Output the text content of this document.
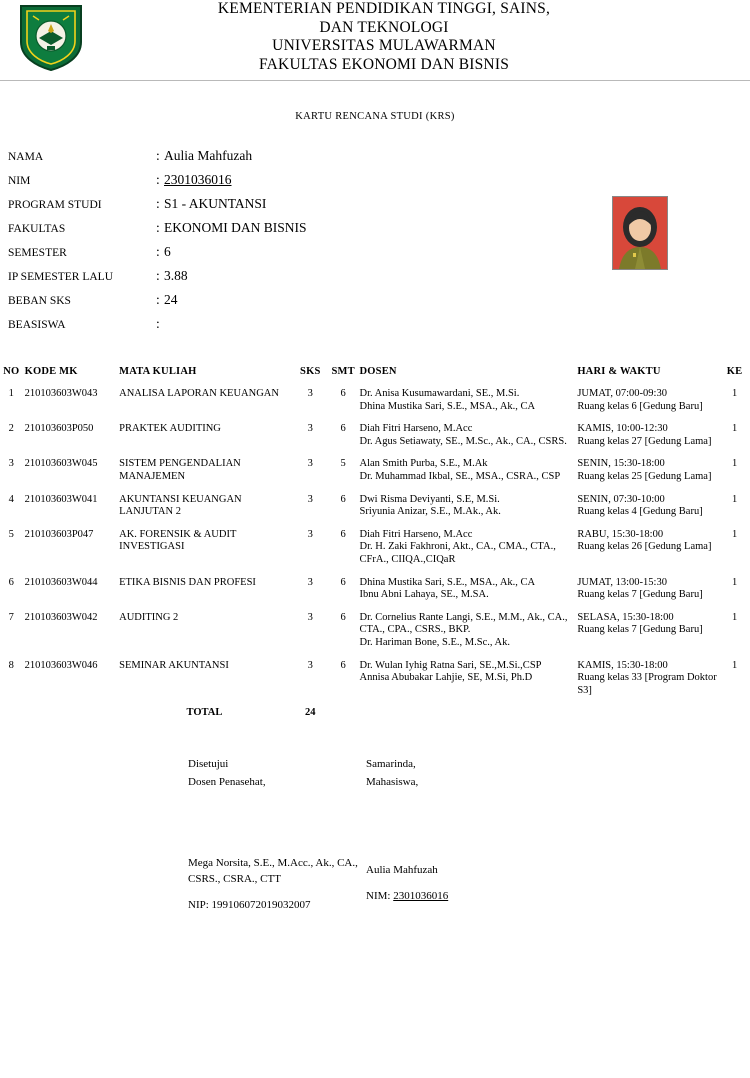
KEMENTERIAN PENDIDIKAN TINGGI, SAINS,
DAN TEKNOLOGI
UNIVERSITAS MULAWARMAN
FAKULTAS EKONOMI DAN BISNIS
KARTU RENCANA STUDI (KRS)
NAMA	: Aulia Mahfuzah
NIM	: 2301036016
PROGRAM STUDI	: S1 - AKUNTANSI
FAKULTAS	: EKONOMI DAN BISNIS
SEMESTER	: 6
IP SEMESTER LALU	: 3.88
BEBAN SKS	: 24
BEASISWA	:
NO	KODE MK	MATA KULIAH	SKS	SMT	DOSEN	HARI & WAKTU	KE
1	210103603W043	ANALISA LAPORAN KEUANGAN	3	6	Dr. Anisa Kusumawardani, SE., M.Si.
Dhina Mustika Sari, S.E., MSA., Ak., CA	JUMAT, 07:00-09:30
Ruang kelas 6 [Gedung Baru]	1
2	210103603P050	PRAKTEK AUDITING	3	6	Diah Fitri Harseno, M.Acc
Dr. Agus Setiawaty, SE., M.Sc., Ak., CA., CSRS.	KAMIS, 10:00-12:30
Ruang kelas 27 [Gedung Lama]	1
3	210103603W045	SISTEM PENGENDALIAN MANAJEMEN	3	5	Alan Smith Purba, S.E., M.Ak
Dr. Muhammad Ikbal, SE., MSA., CSRA., CSP	SENIN, 15:30-18:00
Ruang kelas 25 [Gedung Lama]	1
4	210103603W041	AKUNTANSI KEUANGAN LANJUTAN 2	3	6	Dwi Risma Deviyanti, S.E, M.Si.
Sriyunia Anizar, S.E., M.Ak., Ak.	SENIN, 07:30-10:00
Ruang kelas 4 [Gedung Baru]	1
5	210103603P047	AK. FORENSIK & AUDIT INVESTIGASI	3	6	Diah Fitri Harseno, M.Acc
Dr. H. Zaki Fakhroni, Akt., CA., CMA., CTA., CFrA., CIIQA.,CIQaR	RABU, 15:30-18:00
Ruang kelas 26 [Gedung Lama]	1
6	210103603W044	ETIKA BISNIS DAN PROFESI	3	6	Dhina Mustika Sari, S.E., MSA., Ak., CA
Ibnu Abni Lahaya, SE., M.SA.	JUMAT, 13:00-15:30
Ruang kelas 7 [Gedung Baru]	1
7	210103603W042	AUDITING 2	3	6	Dr. Cornelius Rante Langi, S.E., M.M., Ak., CA., CTA., CPA., CSRS., BKP.
Dr. Hariman Bone, S.E., M.Sc., Ak.	SELASA, 15:30-18:00
Ruang kelas 7 [Gedung Baru]	1
8	210103603W046	SEMINAR AKUNTANSI	3	6	Dr. Wulan Iyhig Ratna Sari, SE.,M.Si.,CSP
Annisa Abubakar Lahjie, SE, M.Si, Ph.D	KAMIS, 15:30-18:00
Ruang kelas 33 [Program Doktor S3]	1
		TOTAL	24				
Disetujui
Dosen Penasehat,
Samarinda,
Mahasiswa,
Mega Norsita, S.E., M.Acc., Ak., CA., CSRS., CSRA., CTT
NIP: 199106072019032007
Aulia Mahfuzah
NIM: 2301036016
